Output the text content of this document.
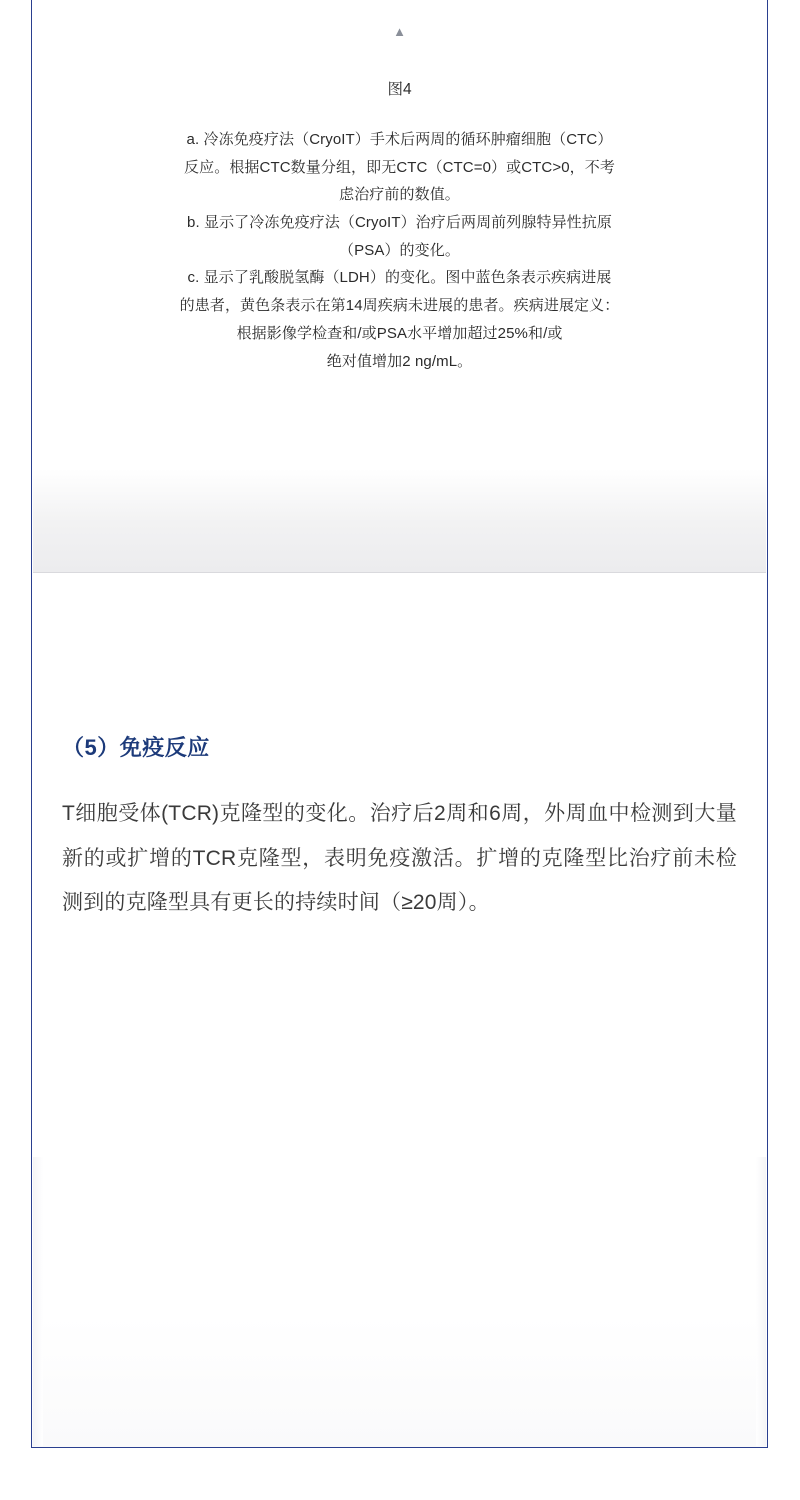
▲
图4

a. 冷冻免疫疗法（CryoIT）手术后两周的循环肿瘤细胞（CTC）

反应。根据CTC数量分组，即无CTC（CTC=0）或CTC>0，不考

虑治疗前的数值。

b. 显示了冷冻免疫疗法（CryoIT）治疗后两周前列腺特异性抗原

（PSA）的变化。

c. 显示了乳酸脱氢酶（LDH）的变化。图中蓝色条表示疾病进展

的患者，黄色条表示在第14周疾病未进展的患者。疾病进展定义：

根据影像学检查和/或PSA水平增加超过25%和/或

绝对值增加2 ng/mL。

（5）免疫反应

T细胞受体(TCR)克隆型的变化。治疗后2周和6周，外周血中检测到大量新的或扩增的TCR克隆型，表明免疫激活。扩增的克隆型比治疗前未检测到的克隆型具有更长的持续时间（≥20周）。
